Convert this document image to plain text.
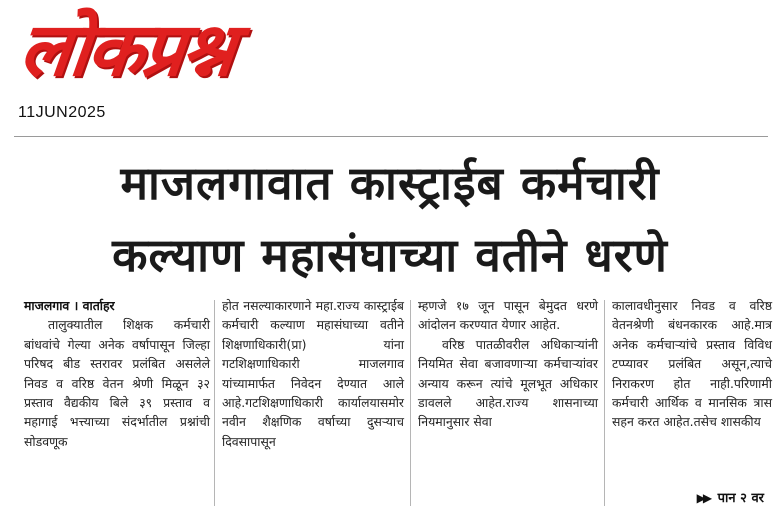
लोकप्रश्न
11JUN2025
माजलगावात कास्ट्राईब कर्मचारी
कल्याण महासंघाच्या वतीने धरणे

माजलगाव । वार्ताहर

तालुक्यातील शिक्षक कर्मचारी बांधवांचे गेल्या अनेक वर्षापासून जिल्हा परिषद बीड स्तरावर प्रलंबित असलेले निवड व वरिष्ठ वेतन श्रेणी मिळून ३२ प्रस्ताव वैद्यकीय बिले ३९ प्रस्ताव व महागाई भत्त्याच्या संदर्भातील प्रश्नांची सोडवणूक

होत नसल्याकारणाने महा.राज्य कास्ट्राईब कर्मचारी कल्याण महासंघाच्या वतीने शिक्षणाधिकारी(प्रा) यांना गटशिक्षणाधिकारी माजलगाव यांच्यामार्फत निवेदन देण्यात आले आहे.गटशिक्षणाधिकारी कार्यालयासमोर नवीन शैक्षणिक वर्षाच्या दुसऱ्याच दिवसापासून

म्हणजे १७ जून पासून बेमुदत धरणे आंदोलन करण्यात येणार आहेत.

वरिष्ठ पातळीवरील अधिकाऱ्यांनी नियमित सेवा बजावणाऱ्या कर्मचाऱ्यांवर अन्याय करून त्यांचे मूलभूत अधिकार डावलले आहेत.राज्य शासनाच्या नियमानुसार सेवा

कालावधीनुसार निवड व वरिष्ठ वेतनश्रेणी बंधनकारक आहे.मात्र अनेक कर्मचाऱ्यांचे प्रस्ताव विविध टप्प्यावर प्रलंबित असून,त्याचे निराकरण होत नाही.परिणामी कर्मचारी आर्थिक व मानसिक त्रास सहन करत आहेत.तसेच शासकीय

▶▶ पान २ वर
